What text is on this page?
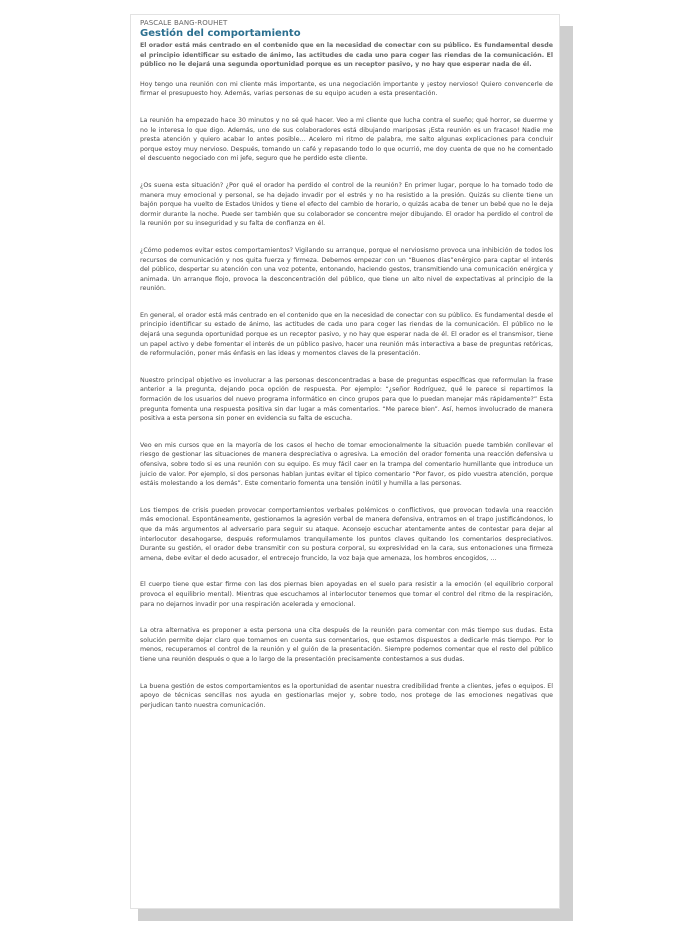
PASCALE BANG-ROUHET
Gestión del comportamiento
El orador está más centrado en el contenido que en la necesidad de conectar con su público. Es fundamental desde el principio identificar su estado de ánimo, las actitudes de cada uno para coger las riendas de la comunicación. El público no le dejará una segunda oportunidad porque es un receptor pasivo, y no hay que esperar nada de él.

Hoy tengo una reunión con mi cliente más importante, es una negociación importante y ¡estoy nervioso! Quiero convencerle de firmar el presupuesto hoy. Además, varias personas de su equipo acuden a esta presentación.

La reunión ha empezado hace 30 minutos y no sé qué hacer. Veo a mi cliente que lucha contra el sueño; qué horror, se duerme y no le interesa lo que digo. Además, uno de sus colaboradores está dibujando mariposas ¡Esta reunión es un fracaso! Nadie me presta atención y quiero acabar lo antes posible… Acelero mi ritmo de palabra, me salto algunas explicaciones para concluir porque estoy muy nervioso. Después, tomando un café y repasando todo lo que ocurrió, me doy cuenta de que no he comentado el descuento negociado con mi jefe, seguro que he perdido este cliente.

¿Os suena esta situación? ¿Por qué el orador ha perdido el control de la reunión? En primer lugar, porque lo ha tomado todo de manera muy emocional y personal, se ha dejado invadir por el estrés y no ha resistido a la presión. Quizás su cliente tiene un bajón porque ha vuelto de Estados Unidos y tiene el efecto del cambio de horario, o quizás acaba de tener un bebé que no le deja dormir durante la noche. Puede ser también que su colaborador se concentre mejor dibujando. El orador ha perdido el control de la reunión por su inseguridad y su falta de confianza en él.

¿Cómo podemos evitar estos comportamientos? Vigilando su arranque, porque el nerviosismo provoca una inhibición de todos los recursos de comunicación y nos quita fuerza y firmeza. Debemos empezar con un “Buenos días”enérgico para captar el interés del público, despertar su atención con una voz potente, entonando, haciendo gestos, transmitiendo una comunicación enérgica y animada. Un arranque flojo, provoca la desconcentración del público, que tiene un alto nivel de expectativas al principio de la reunión.

En general, el orador está más centrado en el contenido que en la necesidad de conectar con su público. Es fundamental desde el principio identificar su estado de ánimo, las actitudes de cada uno para coger las riendas de la comunicación. El público no le dejará una segunda oportunidad porque es un receptor pasivo, y no hay que esperar nada de él. El orador es el transmisor, tiene un papel activo y debe fomentar el interés de un público pasivo, hacer una reunión más interactiva a base de preguntas retóricas, de reformulación, poner más énfasis en las ideas y momentos claves de la presentación.

Nuestro principal objetivo es involucrar a las personas desconcentradas a base de preguntas específicas que reformulan la frase anterior a la pregunta, dejando poca opción de respuesta. Por ejemplo: “¿señor Rodríguez, qué le parece si repartimos la formación de los usuarios del nuevo programa informático en cinco grupos para que lo puedan manejar más rápidamente?” Esta pregunta fomenta una respuesta positiva sin dar lugar a más comentarios. “Me parece bien”. Así, hemos involucrado de manera positiva a esta persona sin poner en evidencia su falta de escucha.

Veo en mis cursos que en la mayoría de los casos el hecho de tomar emocionalmente la situación puede también conllevar el riesgo de gestionar las situaciones de manera despreciativa o agresiva. La emoción del orador fomenta una reacción defensiva u ofensiva, sobre todo si es una reunión con su equipo. Es muy fácil caer en la trampa del comentario humillante que introduce un juicio de valor. Por ejemplo, si dos personas hablan juntas evitar el típico comentario “Por favor, os pido vuestra atención, porque estáis molestando a los demás”. Este comentario fomenta una tensión inútil y humilla a las personas.

Los tiempos de crisis pueden provocar comportamientos verbales polémicos o conflictivos, que provocan todavía una reacción más emocional. Espontáneamente, gestionamos la agresión verbal de manera defensiva, entramos en el trapo justificándonos, lo que da más argumentos al adversario para seguir su ataque. Aconsejo escuchar atentamente antes de contestar para dejar al interlocutor desahogarse, después reformulamos tranquilamente los puntos claves quitando los comentarios despreciativos. Durante su gestión, el orador debe transmitir con su postura corporal, su expresividad en la cara, sus entonaciones una firmeza amena, debe evitar el dedo acusador, el entrecejo fruncido, la voz baja que amenaza, los hombros encogidos, …

El cuerpo tiene que estar firme con las dos piernas bien apoyadas en el suelo para resistir a la emoción (el equilibrio corporal provoca el equilibrio mental). Mientras que escuchamos al interlocutor tenemos que tomar el control del ritmo de la respiración, para no dejarnos invadir por una respiración acelerada y emocional.

La otra alternativa es proponer a esta persona una cita después de la reunión para comentar con más tiempo sus dudas. Esta solución permite dejar claro que tomamos en cuenta sus comentarios, que estamos dispuestos a dedicarle más tiempo. Por lo menos, recuperamos el control de la reunión y el guión de la presentación. Siempre podemos comentar que el resto del público tiene una reunión después o que a lo largo de la presentación precisamente contestamos a sus dudas.

La buena gestión de estos comportamientos es la oportunidad de asentar nuestra credibilidad frente a clientes, jefes o equipos. El apoyo de técnicas sencillas nos ayuda en gestionarlas mejor y, sobre todo, nos protege de las emociones negativas que perjudican tanto nuestra comunicación.
